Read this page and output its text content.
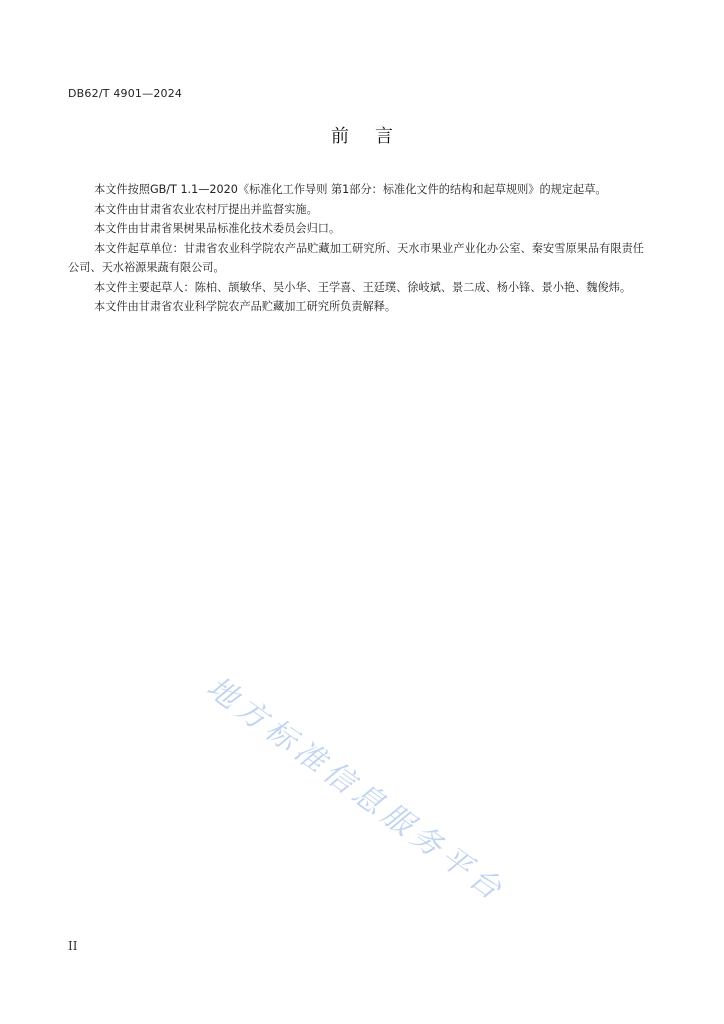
DB62/T 4901—2024
前言

本文件按照GB/T 1.1—2020《标准化工作导则 第1部分：标准化文件的结构和起草规则》的规定起草。

本文件由甘肃省农业农村厅提出并监督实施。

本文件由甘肃省果树果品标准化技术委员会归口。

本文件起草单位：甘肃省农业科学院农产品贮藏加工研究所、天水市果业产业化办公室、秦安雪原果品有限责任公司、天水裕源果蔬有限公司。

本文件主要起草人：陈柏、颉敏华、吴小华、王学喜、王廷璞、徐岐斌、景二成、杨小锋、景小艳、魏俊炜。

本文件由甘肃省农业科学院农产品贮藏加工研究所负责解释。

地方标准信息服务平台
II
